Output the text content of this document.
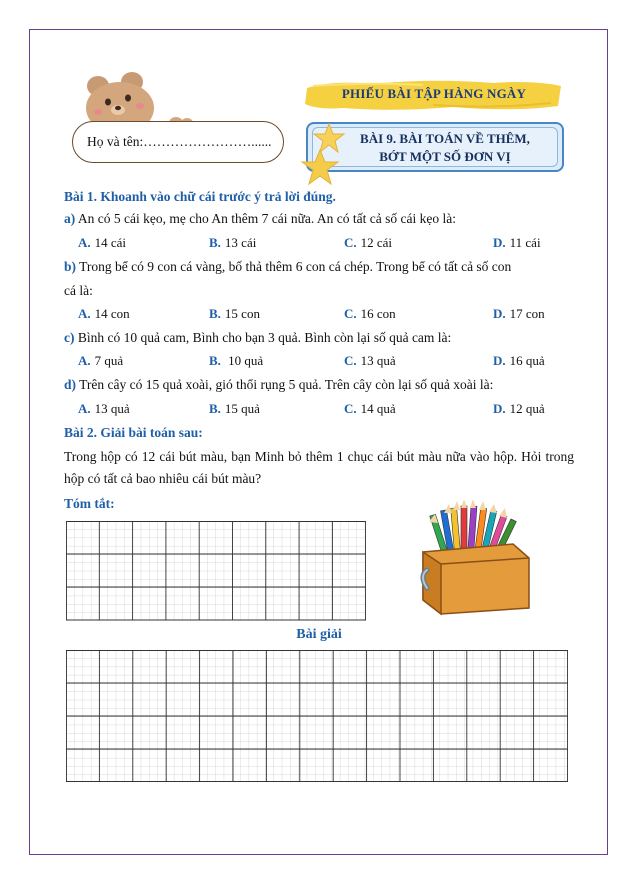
Họ và tên:……………………......
PHIẾU BÀI TẬP HÀNG NGÀY
BÀI 9. BÀI TOÁN VỀ THÊM,
BỚT MỘT SỐ ĐƠN VỊ
Bài 1. Khoanh vào chữ cái trước ý trả lời đúng.
a) An có 5 cái kẹo, mẹ cho An thêm 7 cái nữa. An có tất cả số cái kẹo là:
A. 14 cái	B. 13 cái	C. 12 cái	D. 11 cái
b) Trong bể có 9 con cá vàng, bố thả thêm 6 con cá chép. Trong bể có tất cả số con
cá là:
A. 14 con	B. 15 con	C. 16 con	D. 17 con
c) Bình có 10 quả cam, Bình cho bạn 3 quả. Bình còn lại số quả cam là:
A. 7 quả	B. 10 quả	C. 13 quả	D. 16 quả
d) Trên cây có 15 quả xoài, gió thổi rụng 5 quả. Trên cây còn lại số quả xoài là:
A. 13 quả	B. 15 quả	C. 14 quả	D. 12 quả
Bài 2. Giải bài toán sau:
Trong hộp có 12 cái bút màu, bạn Minh bỏ thêm 1 chục cái bút màu nữa vào hộp. Hỏi trong hộp có tất cả bao nhiêu cái bút màu?
Tóm tắt:
Bài giải
